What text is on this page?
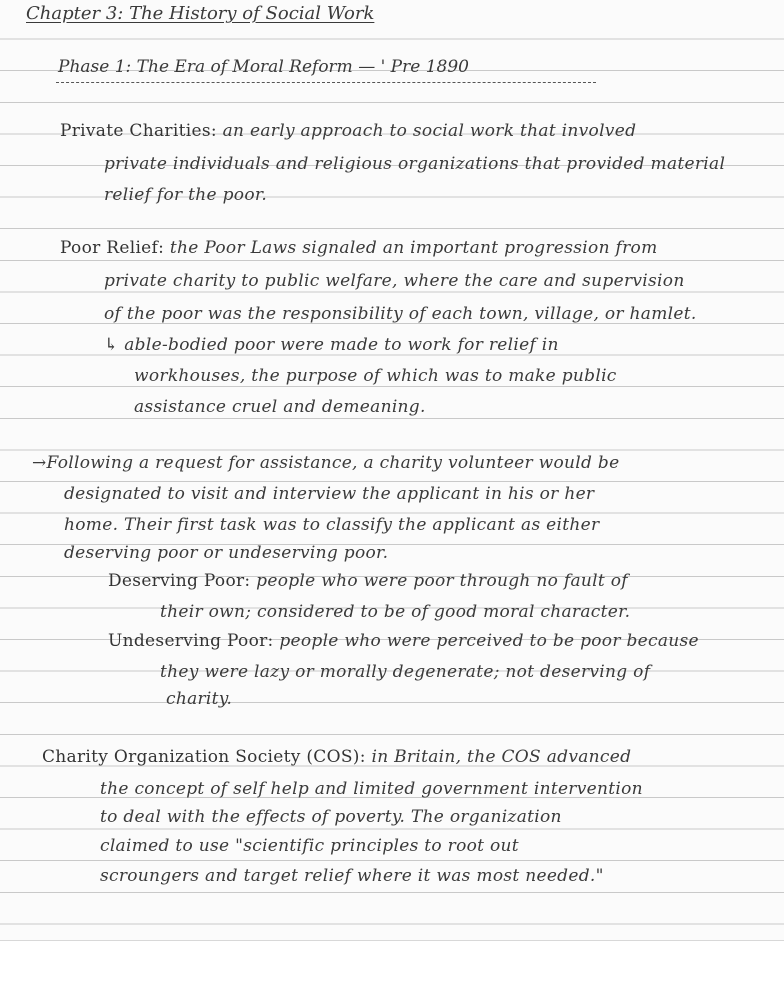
Chapter 3: The History of Social Work
Phase 1: The Era of Moral Reform — ' Pre 1890
Private Charities: an early approach to social work that involved
private individuals and religious organizations that provided material
relief for the poor.
Poor Relief: the Poor Laws signaled an important progression from
private charity to public welfare, where the care and supervision
of the poor was the responsibility of each town, village, or hamlet.
↳ able-bodied poor were made to work for relief in
workhouses, the purpose of which was to make public
assistance cruel and demeaning.
→Following a request for assistance, a charity volunteer would be
designated to visit and interview the applicant in his or her
home. Their first task was to classify the applicant as either
deserving poor or undeserving poor.
Deserving Poor: people who were poor through no fault of
their own; considered to be of good moral character.
Undeserving Poor: people who were perceived to be poor because
they were lazy or morally degenerate; not deserving of
charity.
Charity Organization Society (COS): in Britain, the COS advanced
the concept of self help and limited government intervention
to deal with the effects of poverty. The organization
claimed to use "scientific principles to root out
scroungers and target relief where it was most needed."
